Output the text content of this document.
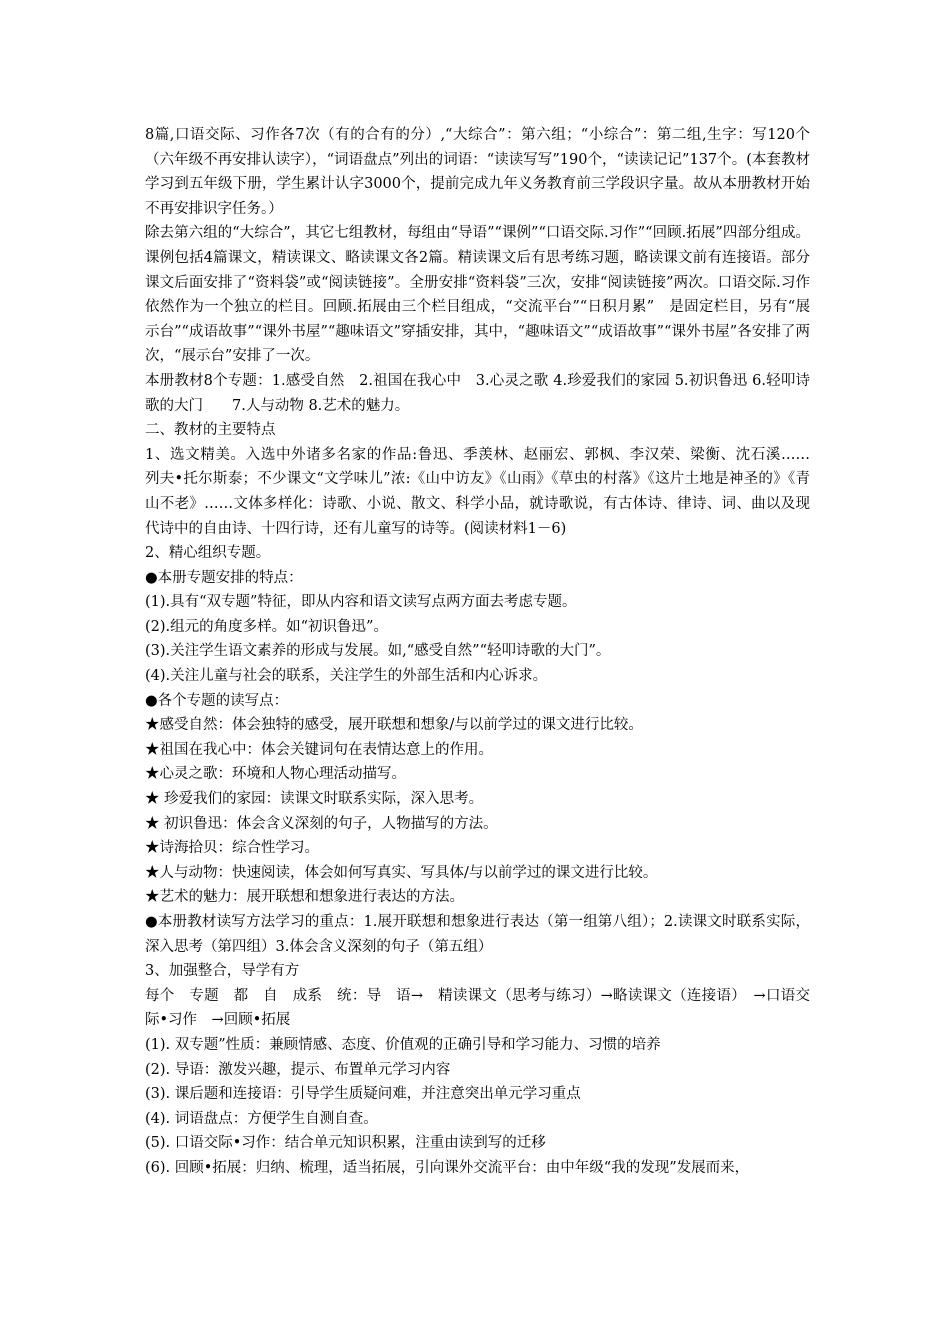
8篇,口语交际、习作各7次（有的合有的分）,“大综合”：第六组；“小综合”：第二组,生字：写120个（六年级不再安排认读字），“词语盘点”列出的词语：“读读写写”190个，“读读记记”137个。(本套教材学习到五年级下册，学生累计认字3000个，提前完成九年义务教育前三学段识字量。故从本册教材开始不再安排识字任务。）

除去第六组的“大综合”，其它七组教材，每组由“导语”“课例”“口语交际.习作”“回顾.拓展”四部分组成。课例包括4篇课文，精读课文、略读课文各2篇。精读课文后有思考练习题，略读课文前有连接语。部分课文后面安排了“资料袋”或“阅读链接”。全册安排“资料袋”三次，安排“阅读链接”两次。口语交际.习作依然作为一个独立的栏目。回顾.拓展由三个栏目组成，“交流平台”“日积月累”　是固定栏目，另有“展示台”“成语故事”“课外书屋”“趣味语文”穿插安排，其中，“趣味语文”“成语故事”“课外书屋”各安排了两次，“展示台”安排了一次。

本册教材8个专题：1.感受自然　2.祖国在我心中　3.心灵之歌 4.珍爱我们的家园 5.初识鲁迅 6.轻叩诗歌的大门　　7.人与动物 8.艺术的魅力。

二、教材的主要特点

1、选文精美。入选中外诸多名家的作品:鲁迅、季羡林、赵丽宏、郭枫、李汉荣、梁衡、沈石溪……　　列夫•托尔斯泰；不少课文“文学味儿”浓:《山中访友》《山雨》《草虫的村落》《这片土地是神圣的》《青山不老》……文体多样化：诗歌、小说、散文、科学小品，就诗歌说，有古体诗、律诗、词、曲以及现代诗中的自由诗、十四行诗，还有儿童写的诗等。(阅读材料1－6)

2、精心组织专题。

●本册专题安排的特点：

(1).具有“双专题”特征，即从内容和语文读写点两方面去考虑专题。

(2).组元的角度多样。如“初识鲁迅”。

(3).关注学生语文素养的形成与发展。如,“感受自然”“轻叩诗歌的大门”。

(4).关注儿童与社会的联系，关注学生的外部生活和内心诉求。

●各个专题的读写点：

★感受自然：体会独特的感受，展开联想和想象/与以前学过的课文进行比较。

★祖国在我心中：体会关键词句在表情达意上的作用。

★心灵之歌：环境和人物心理活动描写。

★ 珍爱我们的家园：读课文时联系实际，深入思考。

★ 初识鲁迅：体会含义深刻的句子，人物描写的方法。

★诗海拾贝：综合性学习。

★人与动物：快速阅读，体会如何写真实、写具体/与以前学过的课文进行比较。

★艺术的魅力：展开联想和想象进行表达的方法。

●本册教材读写方法学习的重点：1.展开联想和想象进行表达（第一组第八组）；2.读课文时联系实际，深入思考（第四组）3.体会含义深刻的句子（第五组）

3、加强整合，导学有方

每个　专题　都　自　成系　统：导　语→　精读课文（思考与练习）→略读课文（连接语）　→口语交际•习作　→回顾•拓展

(1). 双专题”性质：兼顾情感、态度、价值观的正确引导和学习能力、习惯的培养

(2). 导语：激发兴趣，提示、布置单元学习内容

(3). 课后题和连接语：引导学生质疑问难，并注意突出单元学习重点

(4). 词语盘点：方便学生自测自查。

(5). 口语交际•习作：结合单元知识积累，注重由读到写的迁移

(6). 回顾•拓展：归纳、梳理，适当拓展，引向课外交流平台：由中年级“我的发现”发展而来，
